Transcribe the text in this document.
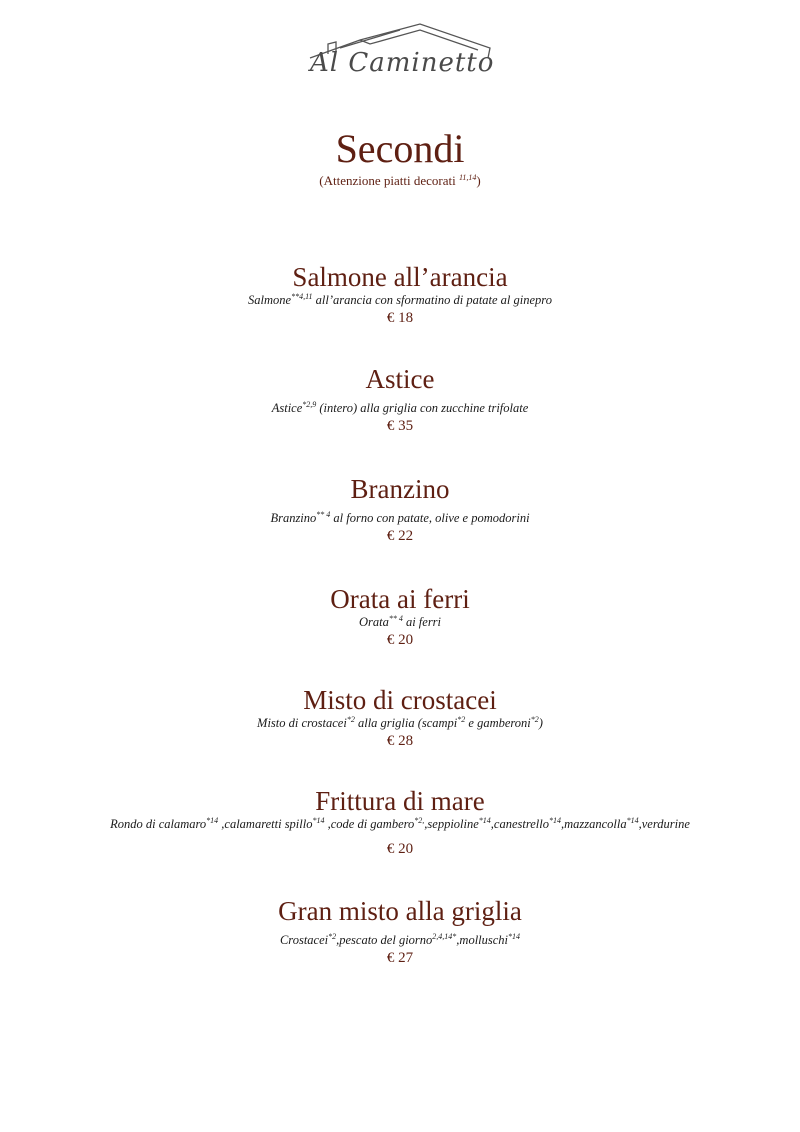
Al Caminetto
Secondi
(Attenzione piatti decorati $^{11,14}$)
Salmone all’arancia
Salmone$^{**4,11}$ all’arancia con sformatino di patate al ginepro
€ 18
Astice
Astice$^{*2,9}$ (intero) alla griglia con zucchine trifolate
€ 35
Branzino
Branzino$^{** 4}$ al forno con patate, olive e pomodorini
€ 22
Orata ai ferri
Orata$^{** 4}$ ai ferri
€ 20
Misto di crostacei
Misto di crostacei$^{*2}$ alla griglia (scampi$^{*2}$ e gamberoni$^{*2}$)
€ 28
Frittura di mare
Rondo di calamaro$^{*14}$ ,calamaretti spillo$^{*14}$ ,code di gambero$^{*2,}$,seppioline$^{*14}$,canestrello$^{*14}$,mazzancolla$^{*14}$,verdurine
€ 20
Gran misto alla griglia
Crostacei$^{*2}$,pescato del giorno$^{2,4,14*}$,molluschi$^{*14}$
€ 27
